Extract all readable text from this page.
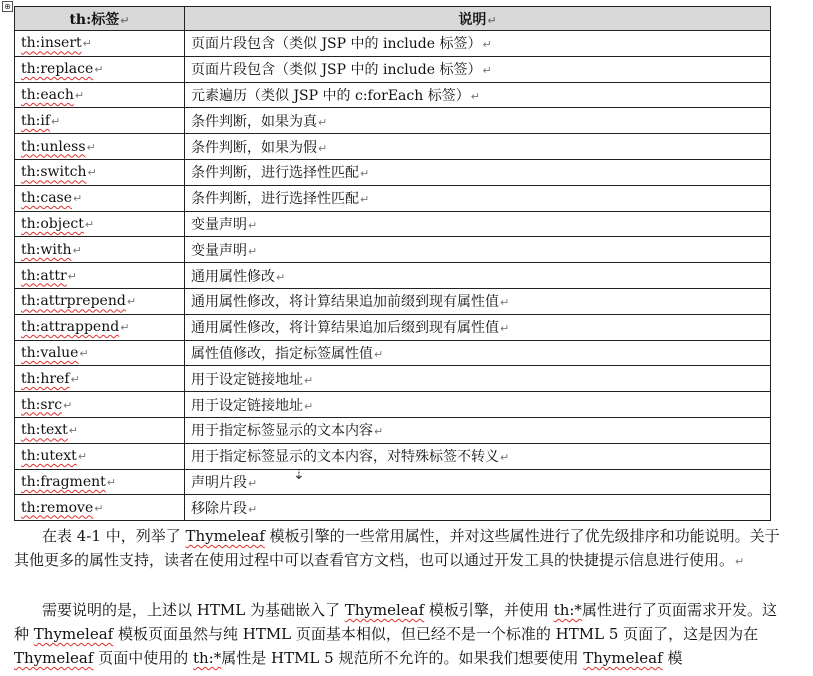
⊕
th:标签↵	说明↵
th:insert↵	页面片段包含（类似 JSP 中的 include 标签）↵
th:replace↵	页面片段包含（类似 JSP 中的 include 标签）↵
th:each↵	元素遍历（类似 JSP 中的 c:forEach 标签）↵
th:if↵	条件判断，如果为真↵
th:unless↵	条件判断，如果为假↵
th:switch↵	条件判断，进行选择性匹配↵
th:case↵	条件判断，进行选择性匹配↵
th:object↵	变量声明↵
th:with↵	变量声明↵
th:attr↵	通用属性修改↵
th:attrprepend↵	通用属性修改，将计算结果追加前缀到现有属性值↵
th:attrappend↵	通用属性修改，将计算结果追加后缀到现有属性值↵
th:value↵	属性值修改，指定标签属性值↵
th:href↵	用于设定链接地址↵
th:src↵	用于设定链接地址↵
th:text↵	用于指定标签显示的文本内容↵
th:utext↵	用于指定标签显示的文本内容，对特殊标签不转义↵
th:fragment↵	声明片段↵
th:remove↵	移除片段↵
⇣

在表 4-1 中，列举了 Thymeleaf 模板引擎的一些常用属性，并对这些属性进行了优先级排序和功能说明。关于其他更多的属性支持，读者在使用过程中可以查看官方文档，也可以通过开发工具的快捷提示信息进行使用。↵

需要说明的是，上述以 HTML 为基础嵌入了 Thymeleaf 模板引擎，并使用 th:*属性进行了页面需求开发。这种 Thymeleaf 模板页面虽然与纯 HTML 页面基本相似，但已经不是一个标准的 HTML 5 页面了，这是因为在 Thymeleaf 页面中使用的 th:*属性是 HTML 5 规范所不允许的。如果我们想要使用 Thymeleaf 模
